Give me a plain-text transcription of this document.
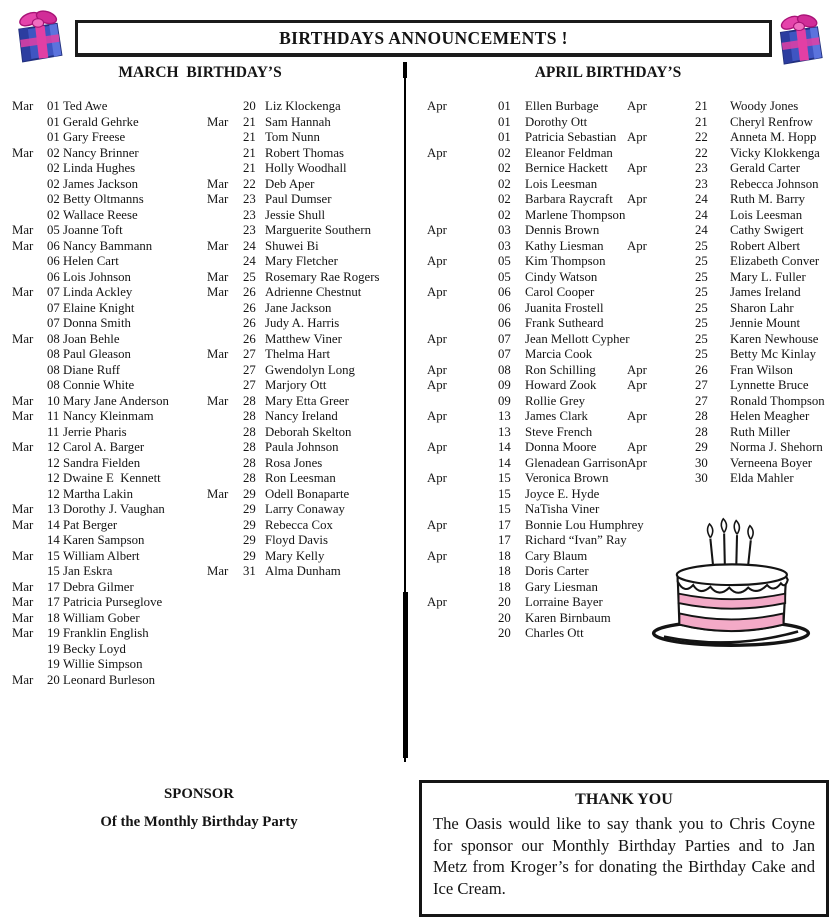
BIRTHDAYS ANNOUNCEMENTS !
MARCH  BIRTHDAY’S	APRIL BIRTHDAY’S
Mar	01 Ted Awe
01 Gerald Gehrke
01 Gary Freese
Mar	02 Nancy Brinner
02 Linda Hughes
02 James Jackson
02 Betty Oltmanns
02 Wallace Reese
Mar	05 Joanne Toft
Mar	06 Nancy Bammann
06 Helen Cart
06 Lois Johnson
Mar	07 Linda Ackley
07 Elaine Knight
07 Donna Smith
Mar	08 Joan Behle
08 Paul Gleason
08 Diane Ruff
08 Connie White
Mar	10 Mary Jane Anderson
Mar	11 Nancy Kleinmam
11 Jerrie Pharis
Mar	12 Carol A. Barger
12 Sandra Fielden
12 Dwaine E  Kennett
12 Martha Lakin
Mar	13 Dorothy J. Vaughan
Mar	14 Pat Berger
14 Karen Sampson
Mar	15 William Albert
15 Jan Eskra
Mar	17 Debra Gilmer
Mar	17 Patricia Purseglove
Mar	18 William Gober
Mar	19 Franklin English
19 Becky Loyd
19 Willie Simpson
Mar	20 Leonard Burleson
20 Liz Klockenga
Mar	21 Sam Hannah
21 Tom Nunn
21 Robert Thomas
21 Holly Woodhall
Mar	22 Deb Aper
Mar	23 Paul Dumser
23 Jessie Shull
23 Marguerite Southern
Mar	24 Shuwei Bi
24 Mary Fletcher
Mar	25 Rosemary Rae Rogers
Mar	26 Adrienne Chestnut
26 Jane Jackson
26 Judy A. Harris
26 Matthew Viner
Mar	27 Thelma Hart
27 Gwendolyn Long
27 Marjory Ott
Mar	28 Mary Etta Greer
28 Nancy Ireland
28 Deborah Skelton
28 Paula Johnson
28 Rosa Jones
28 Ron Leesman
Mar	29 Odell Bonaparte
29 Larry Conaway
29 Rebecca Cox
29 Floyd Davis
29 Mary Kelly
Mar	31 Alma Dunham
Apr	01	Ellen Burbage
01	Dorothy Ott
01	Patricia Sebastian
Apr	02	Eleanor Feldman
02	Bernice Hackett
02	Lois Leesman
02	Barbara Raycraft
02	Marlene Thompson
Apr	03	Dennis Brown
03	Kathy Liesman
Apr	05	Kim Thompson
05	Cindy Watson
Apr	06	Carol Cooper
06	Juanita Frostell
06	Frank Sutheard
Apr	07	Jean Mellott Cypher
07	Marcia Cook
Apr	08	Ron Schilling
Apr	09	Howard Zook
09	Rollie Grey
Apr	13	James Clark
13	Steve French
Apr	14	Donna Moore
14	Glenadean Garrison
Apr	15	Veronica Brown
15	Joyce E. Hyde
15	NaTisha Viner
Apr	17	Bonnie Lou Humphrey
17	Richard “Ivan” Ray
Apr	18	Cary Blaum
18	Doris Carter
18	Gary Liesman
Apr	20	Lorraine Bayer
20	Karen Birnbaum
20	Charles Ott
Apr	21	Woody Jones
21	Cheryl Renfrow
Apr	22	Anneta M. Hopp
22	Vicky Klokkenga
Apr	23	Gerald Carter
23	Rebecca Johnson
Apr	24	Ruth M. Barry
24	Lois Leesman
24	Cathy Swigert
Apr	25	Robert Albert
25	Elizabeth Conver
25	Mary L. Fuller
25	James Ireland
25	Sharon Lahr
25	Jennie Mount
25	Karen Newhouse
25	Betty Mc Kinlay
Apr	26	Fran Wilson
Apr	27	Lynnette Bruce
27	Ronald Thompson
Apr	28	Helen Meagher
28	Ruth Miller
Apr	29	Norma J. Shehorn
Apr	30	Verneena Boyer
30	Elda Mahler
SPONSOR
Of the Monthly Birthday Party
THANK YOU

The Oasis would like to say thank you to Chris Coyne for sponsor our Monthly Birthday Parties and to Jan Metz from Kroger’s for donating the Birthday Cake and Ice Cream.
